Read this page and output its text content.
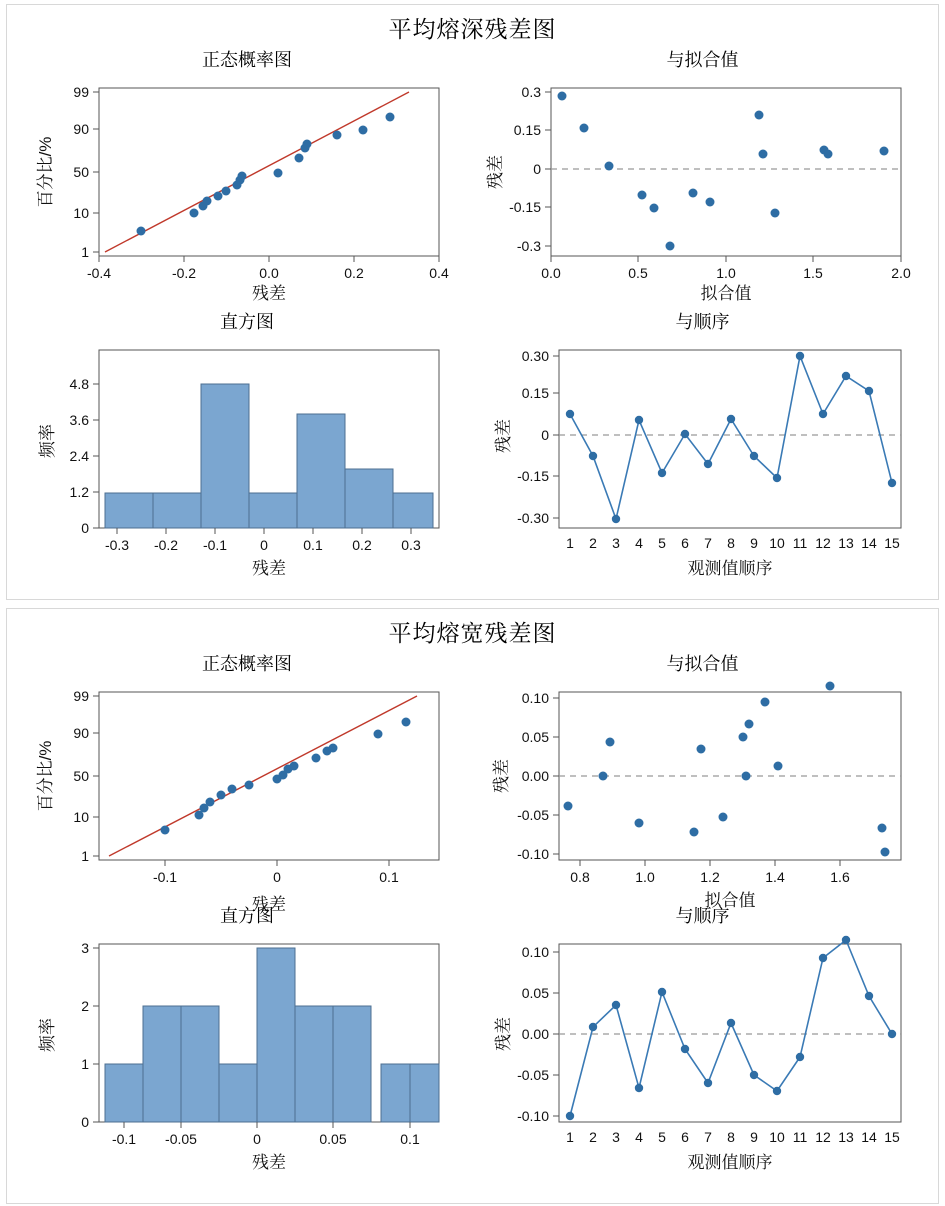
平均熔深残差图
正态概率图
1
10
50
90
99
-0.4	-0.2	0.0	0.2	0.4
残差
百分比/%
与拟合值
-0.3
-0.15
0
0.15
0.3
0.0	0.5	1.0	1.5	2.0
拟合值
残差
直方图
0
1.2
2.4
3.6
4.8
-0.3 -0.2 -0.1 0	0.1 0.2 0.3
残差
频率
与顺序
-0.30
-0.15
0
0.15
0.30
1 2 3 4 5 6 7 8 9 10 11 12 13 14 15
观测值顺序
残差
平均熔宽残差图
正态概率图
1
10
50
90
99
-0.1	0	0.1
残差
百分比/%
与拟合值
-0.10
-0.05
0.00
0.05
0.10
0.8	1.0	1.2	1.4	1.6
拟合值
残差
直方图
0
1
2
3
-0.1 -0.05	0	0.05	0.1
残差
频率
与顺序
-0.10
-0.05
0.00
0.05
0.10
1 2 3 4 5 6 7 8 9 10 11 12 13 14 15
观测值顺序
残差
